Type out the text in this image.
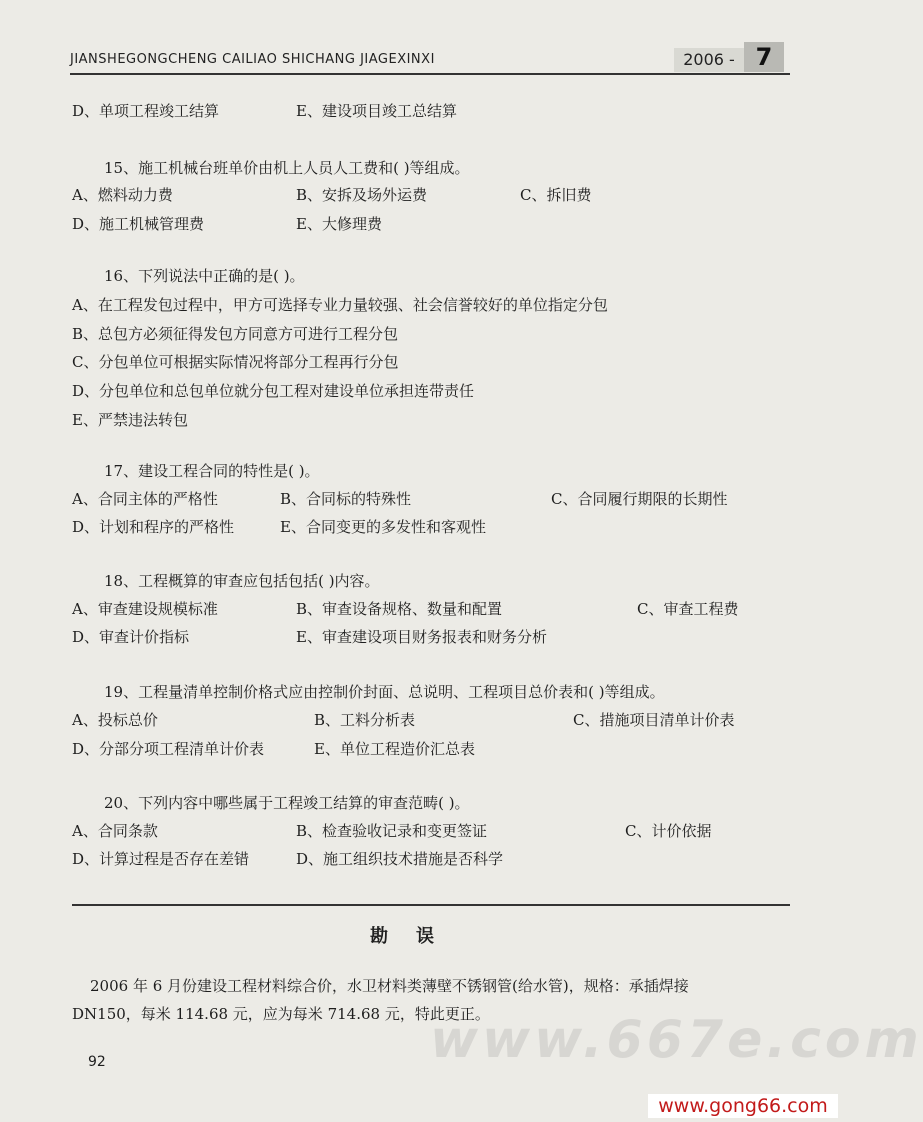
JIANSHEGONGCHENG CAILIAO SHICHANG JIAGEXINXI	2006 - 7
D、单项工程竣工结算	E、建设项目竣工总结算
15、施工机械台班单价由机上人员人工费和( )等组成。
A、燃料动力费	B、安拆及场外运费	C、拆旧费
D、施工机械管理费	E、大修理费
16、下列说法中正确的是( )。
A、在工程发包过程中，甲方可选择专业力量较强、社会信誉较好的单位指定分包
B、总包方必须征得发包方同意方可进行工程分包
C、分包单位可根据实际情况将部分工程再行分包
D、分包单位和总包单位就分包工程对建设单位承担连带责任
E、严禁违法转包
17、建设工程合同的特性是( )。
A、合同主体的严格性	B、合同标的特殊性	C、合同履行期限的长期性
D、计划和程序的严格性	E、合同变更的多发性和客观性
18、工程概算的审查应包括包括( )内容。
A、审查建设规模标准	B、审查设备规格、数量和配置	C、审查工程费
D、审查计价指标	E、审查建设项目财务报表和财务分析
19、工程量清单控制价格式应由控制价封面、总说明、工程项目总价表和( )等组成。
A、投标总价	B、工料分析表	C、措施项目清单计价表
D、分部分项工程清单计价表	E、单位工程造价汇总表
20、下列内容中哪些属于工程竣工结算的审查范畴( )。
A、合同条款	B、检查验收记录和变更签证	C、计价依据
D、计算过程是否存在差错	D、施工组织技术措施是否科学
勘误
2006 年 6 月份建设工程材料综合价，水卫材料类薄壁不锈钢管(给水管)，规格：承插焊接
DN150，每米 114.68 元，应为每米 714.68 元，特此更正。
www.667e.com
92
www.gong66.com
